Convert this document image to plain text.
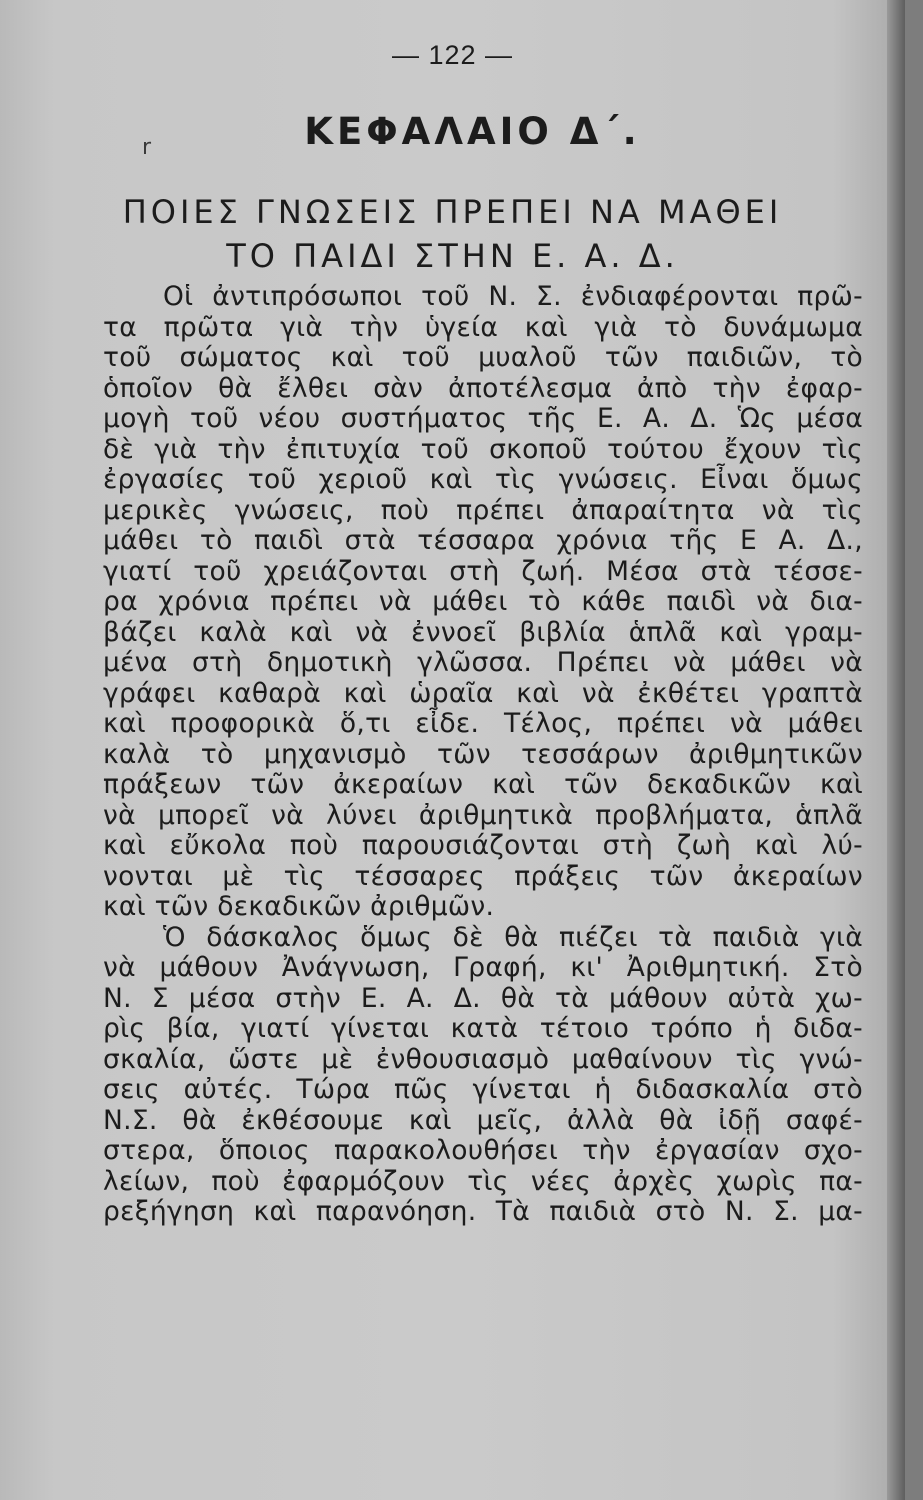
— 122 —
r	ΚΕΦΑΛΑΙΟ Δ΄.
ΠΟΙΕΣ ΓΝΩΣΕΙΣ ΠΡΕΠΕΙ ΝΑ ΜΑΘΕΙ
ΤΟ ΠΑΙΔΙ ΣΤΗΝ Ε. Α. Δ.
Οἱ ἀντιπρόσωποι τοῦ Ν. Σ. ἐνδιαφέρονται πρῶ-
τα πρῶτα γιὰ τὴν ὑγεία καὶ γιὰ τὸ δυνάμωμα
τοῦ σώματος καὶ τοῦ μυαλοῦ τῶν παιδιῶν, τὸ
ὁποῖον θὰ ἔλθει σὰν ἀποτέλεσμα ἀπὸ τὴν ἐφαρ-
μογὴ τοῦ νέου συστήματος τῆς Ε. Α. Δ. Ὡς μέσα
δὲ γιὰ τὴν ἐπιτυχία τοῦ σκοποῦ τούτου ἔχουν τὶς
ἐργασίες τοῦ χεριοῦ καὶ τὶς γνώσεις. Εἶναι ὅμως
μερικὲς γνώσεις, ποὺ πρέπει ἀπαραίτητα νὰ τὶς
μάθει τὸ παιδὶ στὰ τέσσαρα χρόνια τῆς Ε Α. Δ.,
γιατί τοῦ χρειάζονται στὴ ζωή. Μέσα στὰ τέσσε-
ρα χρόνια πρέπει νὰ μάθει τὸ κάθε παιδὶ νὰ δια-
βάζει καλὰ καὶ νὰ ἐννοεῖ βιβλία ἁπλᾶ καὶ γραμ-
μένα στὴ δημοτικὴ γλῶσσα. Πρέπει νὰ μάθει νὰ
γράφει καθαρὰ καὶ ὡραῖα καὶ νὰ ἐκθέτει γραπτὰ
καὶ προφορικὰ ὅ,τι εἶδε. Τέλος, πρέπει νὰ μάθει
καλὰ τὸ μηχανισμὸ τῶν τεσσάρων ἀριθμητικῶν
πράξεων τῶν ἀκεραίων καὶ τῶν δεκαδικῶν καὶ
νὰ μπορεῖ νὰ λύνει ἀριθμητικὰ προβλήματα, ἁπλᾶ
καὶ εὔκολα ποὺ παρουσιάζονται στὴ ζωὴ καὶ λύ-
νονται μὲ τὶς τέσσαρες πράξεις τῶν ἀκεραίων
καὶ τῶν δεκαδικῶν ἀριθμῶν.
Ὁ δάσκαλος ὅμως δὲ θὰ πιέζει τὰ παιδιὰ γιὰ
νὰ μάθουν Ἀνάγνωση, Γραφή, κι' Ἀριθμητική. Στὸ
Ν. Σ μέσα στὴν Ε. Α. Δ. θὰ τὰ μάθουν αὐτὰ χω-
ρὶς βία, γιατί γίνεται κατὰ τέτοιο τρόπο ἡ διδα-
σκαλία, ὥστε μὲ ἐνθουσιασμὸ μαθαίνουν τὶς γνώ-
σεις αὐτές. Τώρα πῶς γίνεται ἡ διδασκαλία στὸ
Ν.Σ. θὰ ἐκθέσουμε καὶ μεῖς, ἀλλὰ θὰ ἰδῇ σαφέ-
στερα, ὅποιος παρακολουθήσει τὴν ἐργασίαν σχο-
λείων, ποὺ ἐφαρμόζουν τὶς νέες ἀρχὲς χωρὶς πα-
ρεξήγηση καὶ παρανόηση. Τὰ παιδιὰ στὸ Ν. Σ. μα-
